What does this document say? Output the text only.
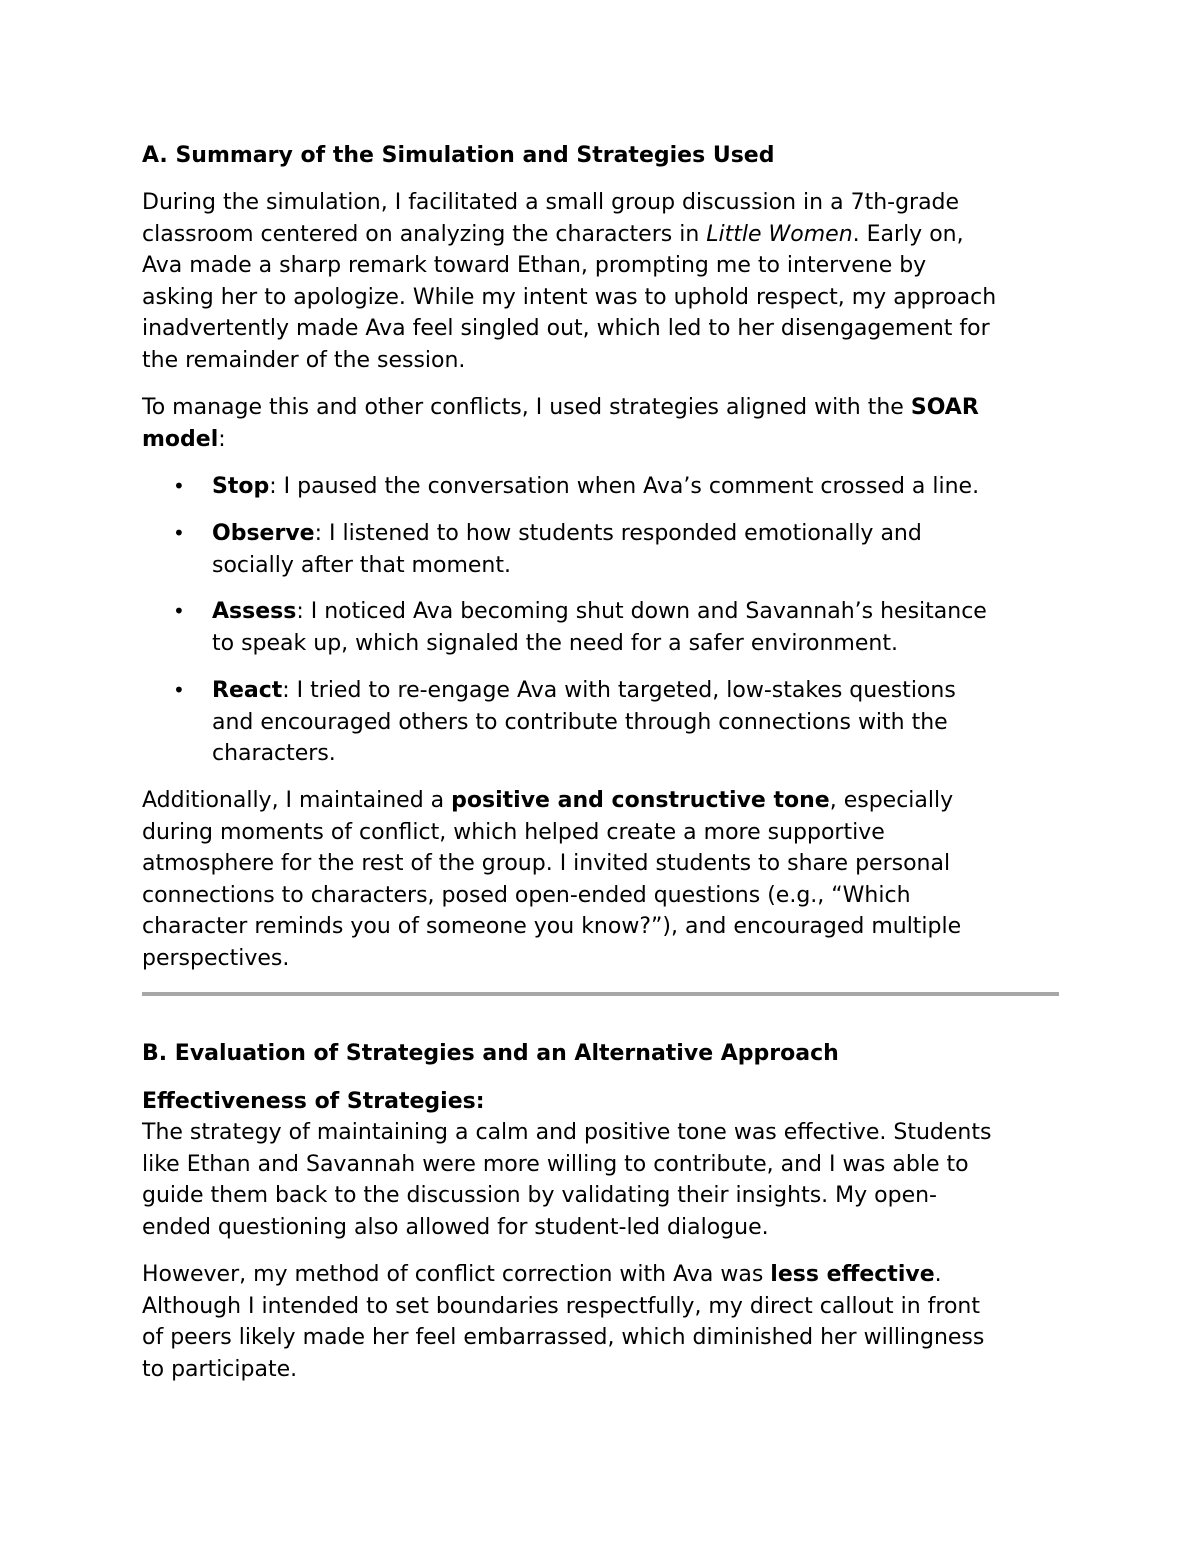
A. Summary of the Simulation and Strategies Used
During the simulation, I facilitated a small group discussion in a 7th-grade
classroom centered on analyzing the characters in Little Women. Early on,
Ava made a sharp remark toward Ethan, prompting me to intervene by
asking her to apologize. While my intent was to uphold respect, my approach
inadvertently made Ava feel singled out, which led to her disengagement for
the remainder of the session.
To manage this and other conflicts, I used strategies aligned with the SOAR
model:
• Stop: I paused the conversation when Ava’s comment crossed a line.
• Observe: I listened to how students responded emotionally and
socially after that moment.
• Assess: I noticed Ava becoming shut down and Savannah’s hesitance
to speak up, which signaled the need for a safer environment.
• React: I tried to re-engage Ava with targeted, low-stakes questions
and encouraged others to contribute through connections with the
characters.
Additionally, I maintained a positive and constructive tone, especially
during moments of conflict, which helped create a more supportive
atmosphere for the rest of the group. I invited students to share personal
connections to characters, posed open-ended questions (e.g., “Which
character reminds you of someone you know?”), and encouraged multiple
perspectives.
B. Evaluation of Strategies and an Alternative Approach
Effectiveness of Strategies:
The strategy of maintaining a calm and positive tone was effective. Students
like Ethan and Savannah were more willing to contribute, and I was able to
guide them back to the discussion by validating their insights. My open-
ended questioning also allowed for student-led dialogue.
However, my method of conflict correction with Ava was less effective.
Although I intended to set boundaries respectfully, my direct callout in front
of peers likely made her feel embarrassed, which diminished her willingness
to participate.
